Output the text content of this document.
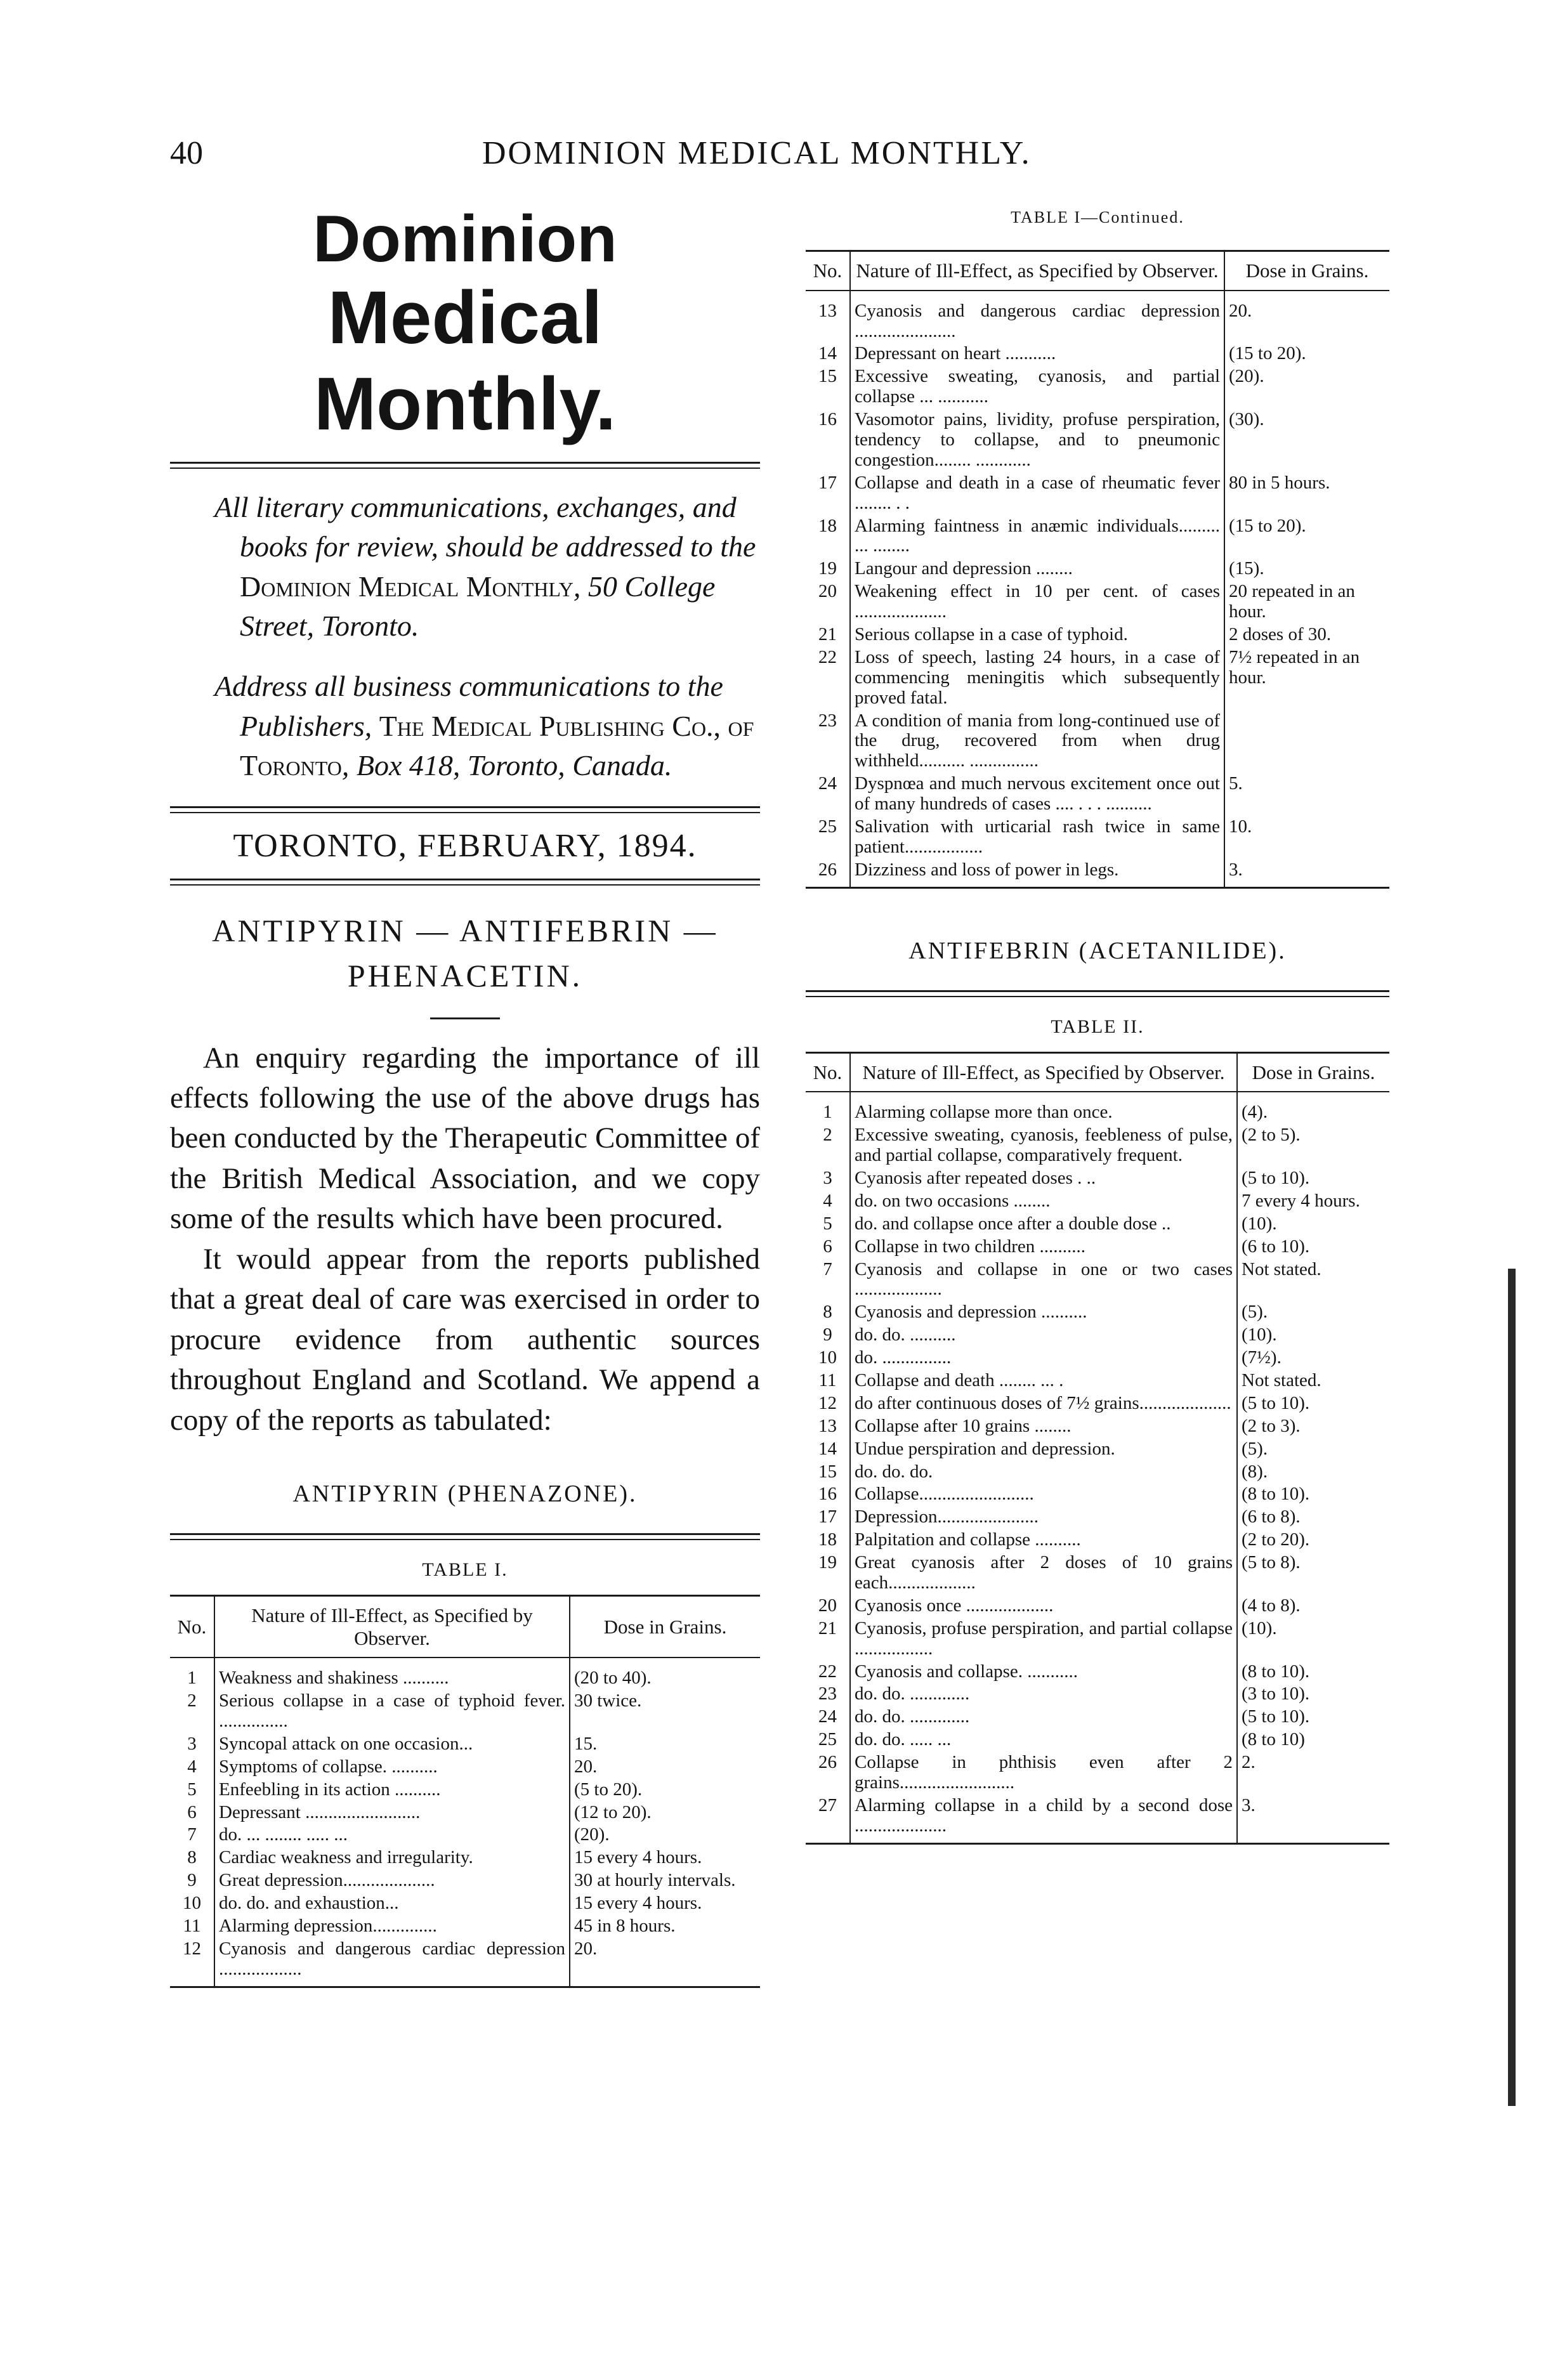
40	DOMINION MEDICAL MONTHLY.
Dominion
Medical Monthly.

All literary communications, exchanges, and books for review, should be addressed to the Dominion Medical Monthly, 50 College Street, Toronto.

Address all business communications to the Publishers, The Medical Publishing Co., of Toronto, Box 418, Toronto, Canada.

TORONTO, FEBRUARY, 1894.
ANTIPYRIN — ANTIFEBRIN —
PHENACETIN.

An enquiry regarding the importance of ill effects following the use of the above drugs has been conducted by the Therapeutic Committee of the British Medical Association, and we copy some of the results which have been procured.

It would appear from the reports published that a great deal of care was exercised in order to procure evidence from authentic sources throughout England and Scotland. We append a copy of the reports as tabulated:

ANTIPYRIN (PHENAZONE).
TABLE I.
No.	Nature of Ill-Effect, as Specified by Observer.	Dose in Grains.
1	Weakness and shakiness ..........	(20 to 40).
2	Serious collapse in a case of typhoid fever. ...............	30 twice.
3	Syncopal attack on one occasion...	15.
4	Symptoms of collapse. ..........	20.
5	Enfeebling in its action ..........	(5 to 20).
6	Depressant .........................	(12 to 20).
7	do. ... ........ ..... ...	(20).
8	Cardiac weakness and irregularity.	15 every 4 hours.
9	Great depression....................	30 at hourly intervals.
10	do. do. and exhaustion...	15 every 4 hours.
11	Alarming depression..............	45 in 8 hours.
12	Cyanosis and dangerous cardiac depression ..................	20.
TABLE I—Continued.
No.	Nature of Ill-Effect, as Specified by Observer.	Dose in Grains.
13	Cyanosis and dangerous cardiac depression ......................	20.
14	Depressant on heart ...........	(15 to 20).
15	Excessive sweating, cyanosis, and partial collapse ... ...........	(20).
16	Vasomotor pains, lividity, profuse perspiration, tendency to collapse, and to pneumonic congestion........ ............	(30).
17	Collapse and death in a case of rheumatic fever ........ . .	80 in 5 hours.
18	Alarming faintness in anæmic individuals......... ... ........	(15 to 20).
19	Langour and depression ........	(15).
20	Weakening effect in 10 per cent. of cases ....................	20 repeated in an hour.
21	Serious collapse in a case of typhoid.	2 doses of 30.
22	Loss of speech, lasting 24 hours, in a case of commencing meningitis which subsequently proved fatal.	7½ repeated in an hour.
23	A condition of mania from long-continued use of the drug, recovered from when drug withheld.......... ...............	
24	Dyspnœa and much nervous excitement once out of many hundreds of cases .... . . . ..........	5.
25	Salivation with urticarial rash twice in same patient.................	10.
26	Dizziness and loss of power in legs.	3.
ANTIFEBRIN (ACETANILIDE).
TABLE II.
No.	Nature of Ill-Effect, as Specified by Observer.	Dose in Grains.
1	Alarming collapse more than once.	(4).
2	Excessive sweating, cyanosis, feebleness of pulse, and partial collapse, comparatively frequent.	(2 to 5).
3	Cyanosis after repeated doses . ..	(5 to 10).
4	do. on two occasions ........	7 every 4 hours.
5	do. and collapse once after a double dose ..	(10).
6	Collapse in two children ..........	(6 to 10).
7	Cyanosis and collapse in one or two cases ...................	Not stated.
8	Cyanosis and depression ..........	(5).
9	do. do. ..........	(10).
10	do. ...............	(7½).
11	Collapse and death ........ ... .	Not stated.
12	do after continuous doses of 7½ grains....................	(5 to 10).
13	Collapse after 10 grains ........	(2 to 3).
14	Undue perspiration and depression.	(5).
15	do. do. do.	(8).
16	Collapse.........................	(8 to 10).
17	Depression......................	(6 to 8).
18	Palpitation and collapse ..........	(2 to 20).
19	Great cyanosis after 2 doses of 10 grains each...................	(5 to 8).
20	Cyanosis once ...................	(4 to 8).
21	Cyanosis, profuse perspiration, and partial collapse .................	(10).
22	Cyanosis and collapse. ...........	(8 to 10).
23	do. do. .............	(3 to 10).
24	do. do. .............	(5 to 10).
25	do. do. ..... ...	(8 to 10)
26	Collapse in phthisis even after 2 grains.........................	2.
27	Alarming collapse in a child by a second dose ....................	3.
